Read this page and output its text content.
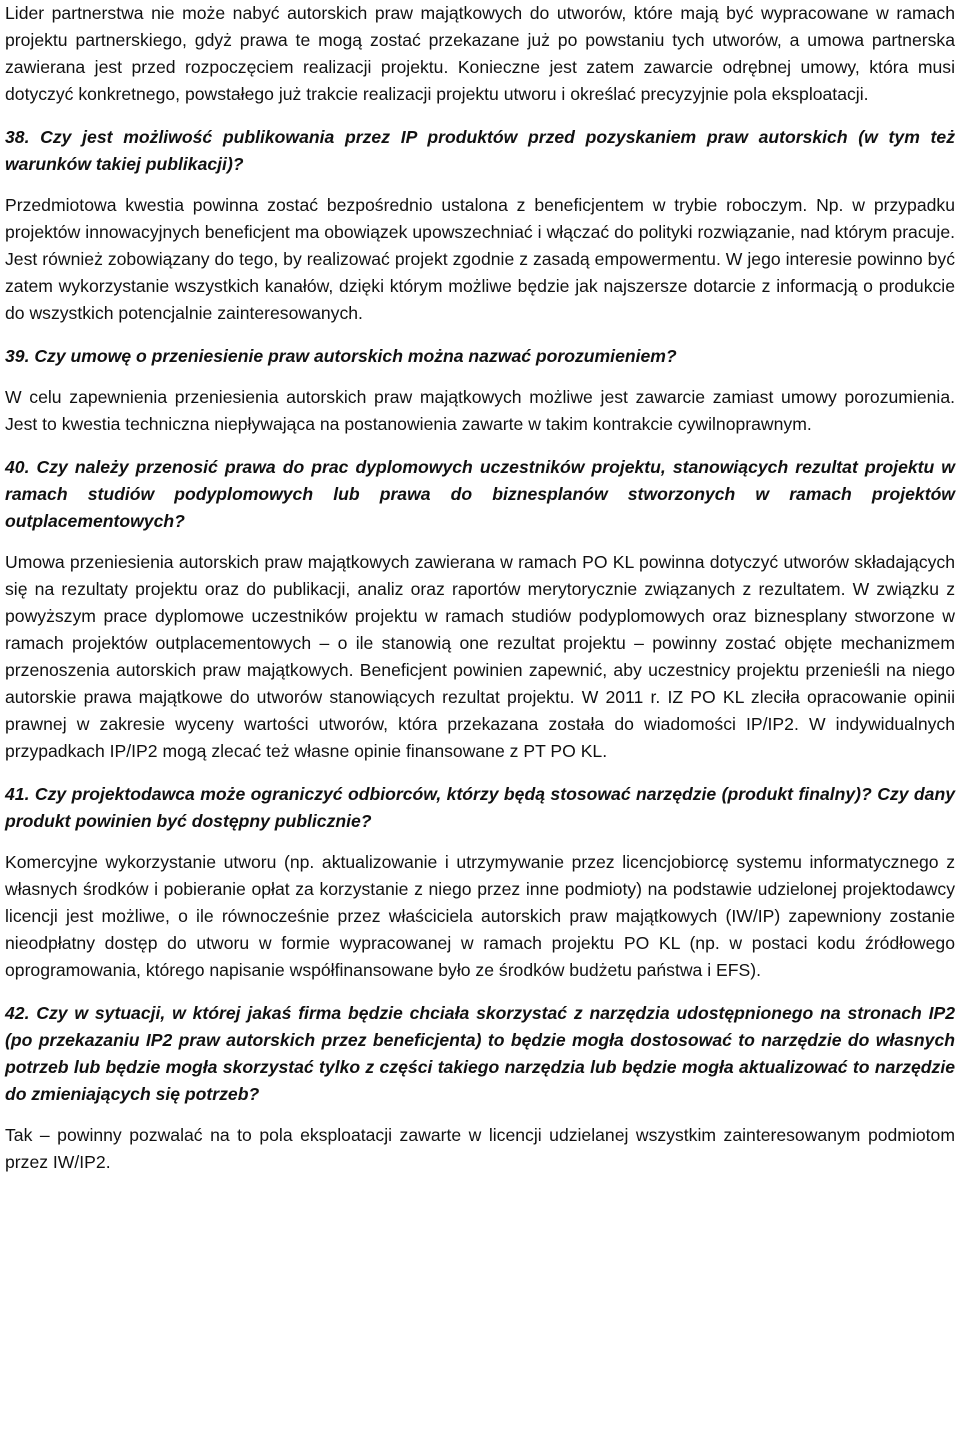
Lider partnerstwa nie może nabyć autorskich praw majątkowych do utworów, które mają być wypracowane w ramach projektu partnerskiego, gdyż prawa te mogą zostać przekazane już po powstaniu tych utworów, a umowa partnerska zawierana jest przed rozpoczęciem realizacji projektu. Konieczne jest zatem zawarcie odrębnej umowy, która musi dotyczyć konkretnego, powstałego już trakcie realizacji projektu utworu i określać precyzyjnie pola eksploatacji.

38. Czy jest możliwość publikowania przez IP produktów przed pozyskaniem praw autorskich (w tym też warunków takiej publikacji)?

Przedmiotowa kwestia powinna zostać bezpośrednio ustalona z beneficjentem w trybie roboczym. Np. w przypadku projektów innowacyjnych beneficjent ma obowiązek upowszechniać i włączać do polityki rozwiązanie, nad którym pracuje. Jest również zobowiązany do tego, by realizować projekt zgodnie z zasadą empowermentu. W jego interesie powinno być zatem wykorzystanie wszystkich kanałów, dzięki którym możliwe będzie jak najszersze dotarcie z informacją o produkcie do wszystkich potencjalnie zainteresowanych.

39. Czy umowę o przeniesienie praw autorskich można nazwać porozumieniem?

W celu zapewnienia przeniesienia autorskich praw majątkowych możliwe jest zawarcie zamiast umowy porozumienia. Jest to kwestia techniczna niepływająca na postanowienia zawarte w takim kontrakcie cywilnoprawnym.

40. Czy należy przenosić prawa do prac dyplomowych uczestników projektu, stanowiących rezultat projektu w ramach studiów podyplomowych lub prawa do biznesplanów stworzonych w ramach projektów outplacementowych?

Umowa przeniesienia autorskich praw majątkowych zawierana w ramach PO KL powinna dotyczyć utworów składających się na rezultaty projektu oraz do publikacji, analiz oraz raportów merytorycznie związanych z rezultatem. W związku z powyższym prace dyplomowe uczestników projektu w ramach studiów podyplomowych oraz biznesplany stworzone w ramach projektów outplacementowych – o ile stanowią one rezultat projektu – powinny zostać objęte mechanizmem przenoszenia autorskich praw majątkowych. Beneficjent powinien zapewnić, aby uczestnicy projektu przenieśli na niego autorskie prawa majątkowe do utworów stanowiących rezultat projektu. W 2011 r. IZ PO KL zleciła opracowanie opinii prawnej w zakresie wyceny wartości utworów, która przekazana została do wiadomości IP/IP2. W indywidualnych przypadkach IP/IP2 mogą zlecać też własne opinie finansowane z PT PO KL.

41. Czy projektodawca może ograniczyć odbiorców, którzy będą stosować narzędzie (produkt finalny)? Czy dany produkt powinien być dostępny publicznie?

Komercyjne wykorzystanie utworu (np. aktualizowanie i utrzymywanie przez licencjobiorcę systemu informatycznego z własnych środków i pobieranie opłat za korzystanie z niego przez inne podmioty) na podstawie udzielonej projektodawcy licencji jest możliwe, o ile równocześnie przez właściciela autorskich praw majątkowych (IW/IP) zapewniony zostanie nieodpłatny dostęp do utworu w formie wypracowanej w ramach projektu PO KL (np. w postaci kodu źródłowego oprogramowania, którego napisanie współfinansowane było ze środków budżetu państwa i EFS).

42. Czy w sytuacji, w której jakaś firma będzie chciała skorzystać z narzędzia udostępnionego na stronach IP2 (po przekazaniu IP2 praw autorskich przez beneficjenta) to będzie mogła dostosować to narzędzie do własnych potrzeb lub będzie mogła skorzystać tylko z części takiego narzędzia lub będzie mogła aktualizować to narzędzie do zmieniających się potrzeb?

Tak – powinny pozwalać na to pola eksploatacji zawarte w licencji udzielanej wszystkim zainteresowanym podmiotom przez IW/IP2.
